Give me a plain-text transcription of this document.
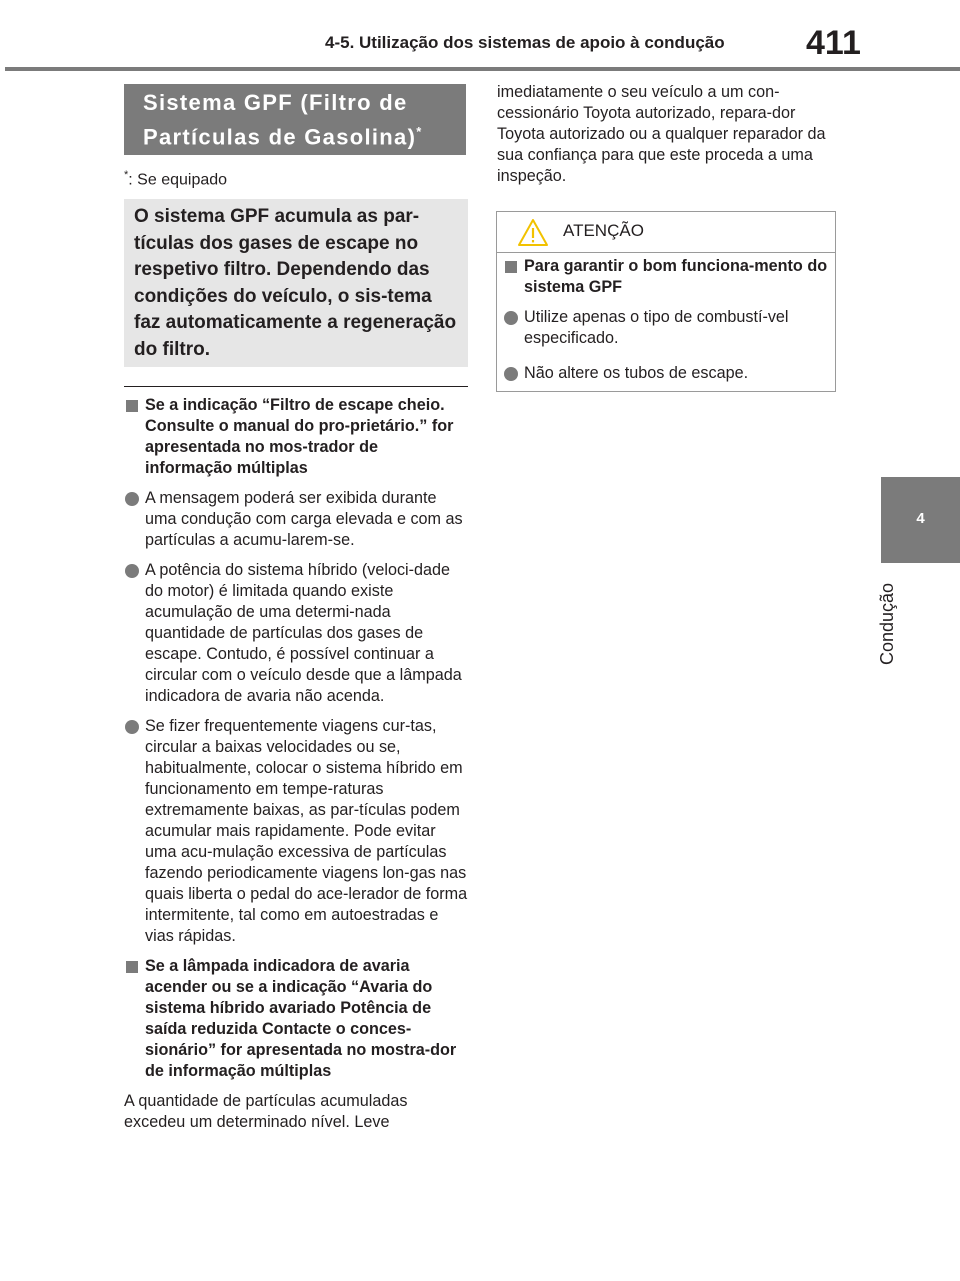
4-5. Utilização dos sistemas de apoio à condução 411
4
Condução
Sistema GPF (Filtro de
Partículas de Gasolina)*
*: Se equipado
O sistema GPF acumula as par-tículas dos gases de escape no respetivo filtro. Dependendo das condições do veículo, o sis-tema faz automaticamente a regeneração do filtro.
Se a indicação “Filtro de escape cheio. Consulte o manual do pro-prietário.” for apresentada no mos-trador de informação múltiplas
A mensagem poderá ser exibida durante uma condução com carga elevada e com as partículas a acumu-larem-se.
A potência do sistema híbrido (veloci-dade do motor) é limitada quando existe acumulação de uma determi-nada quantidade de partículas dos gases de escape. Contudo, é possível continuar a circular com o veículo desde que a lâmpada indicadora de avaria não acenda.
Se fizer frequentemente viagens cur-tas, circular a baixas velocidades ou se, habitualmente, colocar o sistema híbrido em funcionamento em tempe-raturas extremamente baixas, as par-tículas podem acumular mais rapidamente. Pode evitar uma acu-mulação excessiva de partículas fazendo periodicamente viagens lon-gas nas quais liberta o pedal do ace-lerador de forma intermitente, tal como em autoestradas e vias rápidas.
Se a lâmpada indicadora de avaria acender ou se a indicação “Avaria do sistema híbrido avariado Potência de saída reduzida Contacte o conces-sionário” for apresentada no mostra-dor de informação múltiplas
A quantidade de partículas acumuladas excedeu um determinado nível. Leve
imediatamente o seu veículo a um con-cessionário Toyota autorizado, repara-dor Toyota autorizado ou a qualquer reparador da sua confiança para que este proceda a uma inspeção.
ATENÇÃO
Para garantir o bom funciona-mento do sistema GPF
Utilize apenas o tipo de combustí-vel especificado.
Não altere os tubos de escape.
